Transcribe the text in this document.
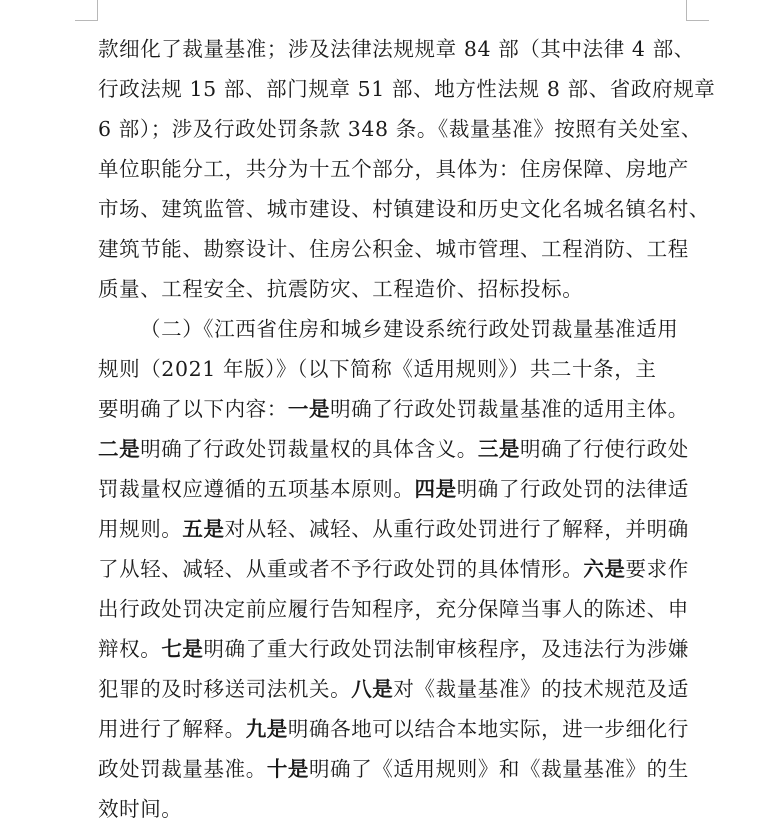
款细化了裁量基准；涉及法律法规规章 84 部（其中法律 4 部、
行政法规 15 部、部门规章 51 部、地方性法规 8 部、省政府规章
6 部）；涉及行政处罚条款 348 条。《裁量基准》按照有关处室、
单位职能分工，共分为十五个部分，具体为：住房保障、房地产
市场、建筑监管、城市建设、村镇建设和历史文化名城名镇名村、
建筑节能、勘察设计、住房公积金、城市管理、工程消防、工程
质量、工程安全、抗震防灾、工程造价、招标投标。
（二）《江西省住房和城乡建设系统行政处罚裁量基准适用
规则（2021 年版）》（以下简称《适用规则》）共二十条，主
要明确了以下内容：一是明确了行政处罚裁量基准的适用主体。
二是明确了行政处罚裁量权的具体含义。三是明确了行使行政处
罚裁量权应遵循的五项基本原则。四是明确了行政处罚的法律适
用规则。五是对从轻、减轻、从重行政处罚进行了解释，并明确
了从轻、减轻、从重或者不予行政处罚的具体情形。六是要求作
出行政处罚决定前应履行告知程序，充分保障当事人的陈述、申
辩权。七是明确了重大行政处罚法制审核程序，及违法行为涉嫌
犯罪的及时移送司法机关。八是对《裁量基准》的技术规范及适
用进行了解释。九是明确各地可以结合本地实际，进一步细化行
政处罚裁量基准。十是明确了《适用规则》和《裁量基准》的生
效时间。
